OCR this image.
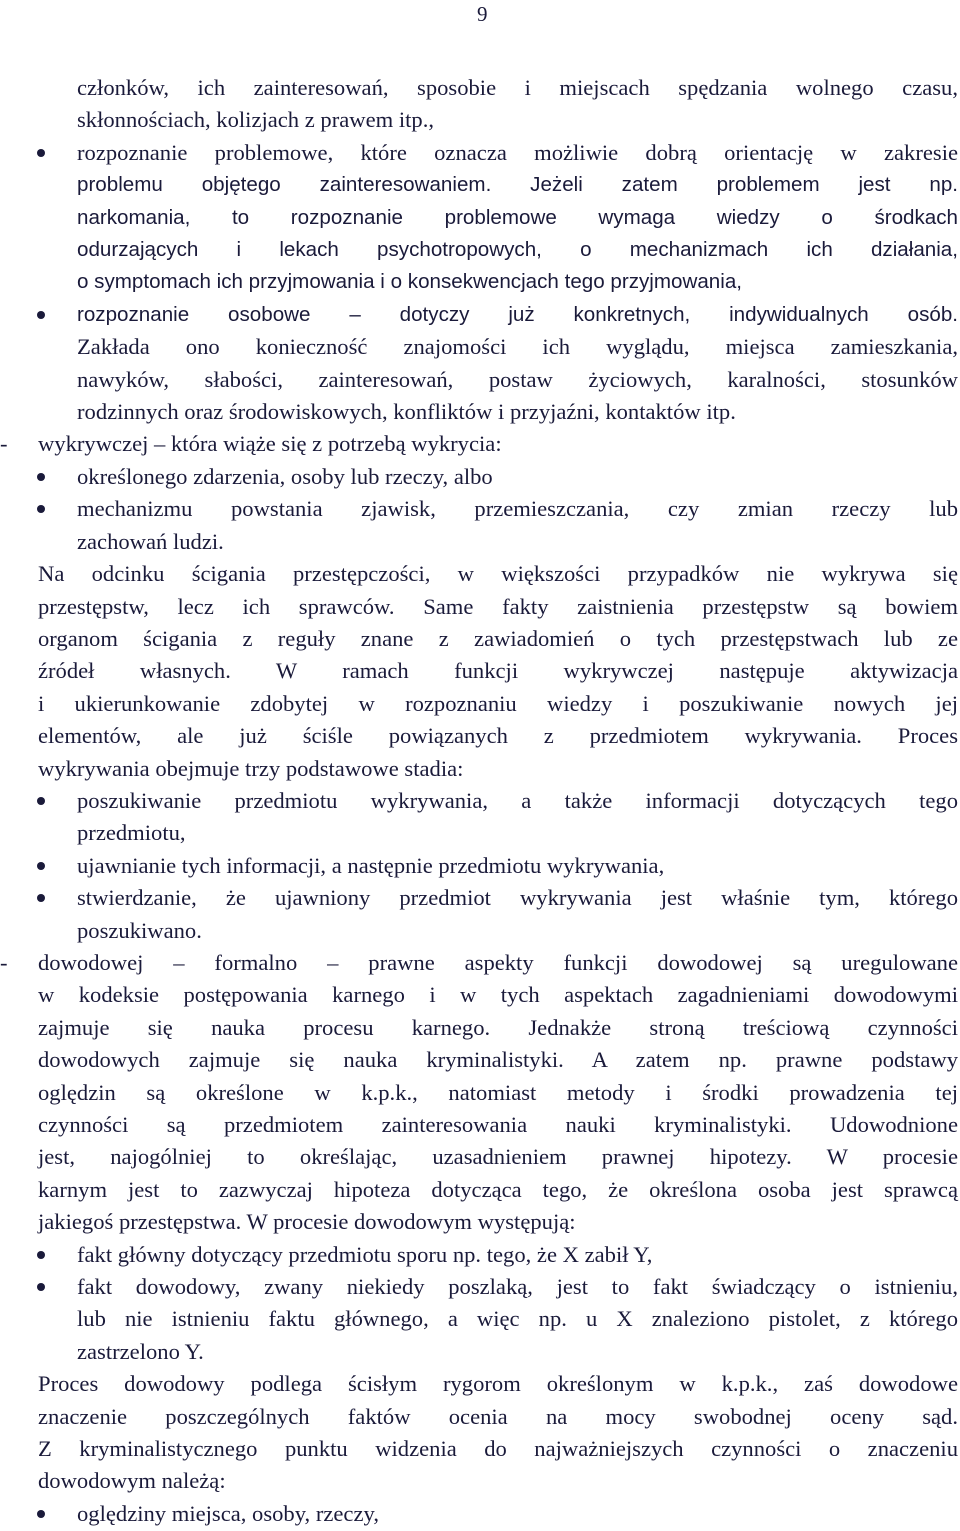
9
członków, ich zainteresowań, sposobie i miejscach spędzania wolnego czasu,
skłonnościach, kolizjach z prawem itp.,
rozpoznanie problemowe, które oznacza możliwie dobrą orientację w zakresie
problemu objętego zainteresowaniem. Jeżeli zatem problemem jest np.
narkomania, to rozpoznanie problemowe wymaga wiedzy o środkach
odurzających i lekach psychotropowych, o mechanizmach ich działania,
o symptomach ich przyjmowania i o konsekwencjach tego przyjmowania,
rozpoznanie osobowe – dotyczy już konkretnych, indywidualnych osób.
Zakłada ono konieczność znajomości ich wyglądu, miejsca zamieszkania,
nawyków, słabości, zainteresowań, postaw życiowych, karalności, stosunków
rodzinnych oraz środowiskowych, konfliktów i przyjaźni, kontaktów itp.
- wykrywczej – która wiąże się z potrzebą wykrycia:
określonego zdarzenia, osoby lub rzeczy, albo
mechanizmu powstania zjawisk, przemieszczania, czy zmian rzeczy lub
zachowań ludzi.
Na odcinku ścigania przestępczości, w większości przypadków nie wykrywa się
przestępstw, lecz ich sprawców. Same fakty zaistnienia przestępstw są bowiem
organom ścigania z reguły znane z zawiadomień o tych przestępstwach lub ze
źródeł własnych. W ramach funkcji wykrywczej następuje aktywizacja
i ukierunkowanie zdobytej w rozpoznaniu wiedzy i poszukiwanie nowych jej
elementów, ale już ściśle powiązanych z przedmiotem wykrywania. Proces
wykrywania obejmuje trzy podstawowe stadia:
poszukiwanie przedmiotu wykrywania, a także informacji dotyczących tego
przedmiotu,
ujawnianie tych informacji, a następnie przedmiotu wykrywania,
stwierdzanie, że ujawniony przedmiot wykrywania jest właśnie tym, którego
poszukiwano.
- dowodowej – formalno – prawne aspekty funkcji dowodowej są uregulowane
w kodeksie postępowania karnego i w tych aspektach zagadnieniami dowodowymi
zajmuje się nauka procesu karnego. Jednakże stroną treściową czynności
dowodowych zajmuje się nauka kryminalistyki. A zatem np. prawne podstawy
oględzin są określone w k.p.k., natomiast metody i środki prowadzenia tej
czynności są przedmiotem zainteresowania nauki kryminalistyki. Udowodnione
jest, najogólniej to określając, uzasadnieniem prawnej hipotezy. W procesie
karnym jest to zazwyczaj hipoteza dotycząca tego, że określona osoba jest sprawcą
jakiegoś przestępstwa. W procesie dowodowym występują:
fakt główny dotyczący przedmiotu sporu np. tego, że X zabił Y,
fakt dowodowy, zwany niekiedy poszlaką, jest to fakt świadczący o istnieniu,
lub nie istnieniu faktu głównego, a więc np. u X znaleziono pistolet, z którego
zastrzelono Y.
Proces dowodowy podlega ścisłym rygorom określonym w k.p.k., zaś dowodowe
znaczenie poszczególnych faktów ocenia na mocy swobodnej oceny sąd.
Z kryminalistycznego punktu widzenia do najważniejszych czynności o znaczeniu
dowodowym należą:
oględziny miejsca, osoby, rzeczy,
